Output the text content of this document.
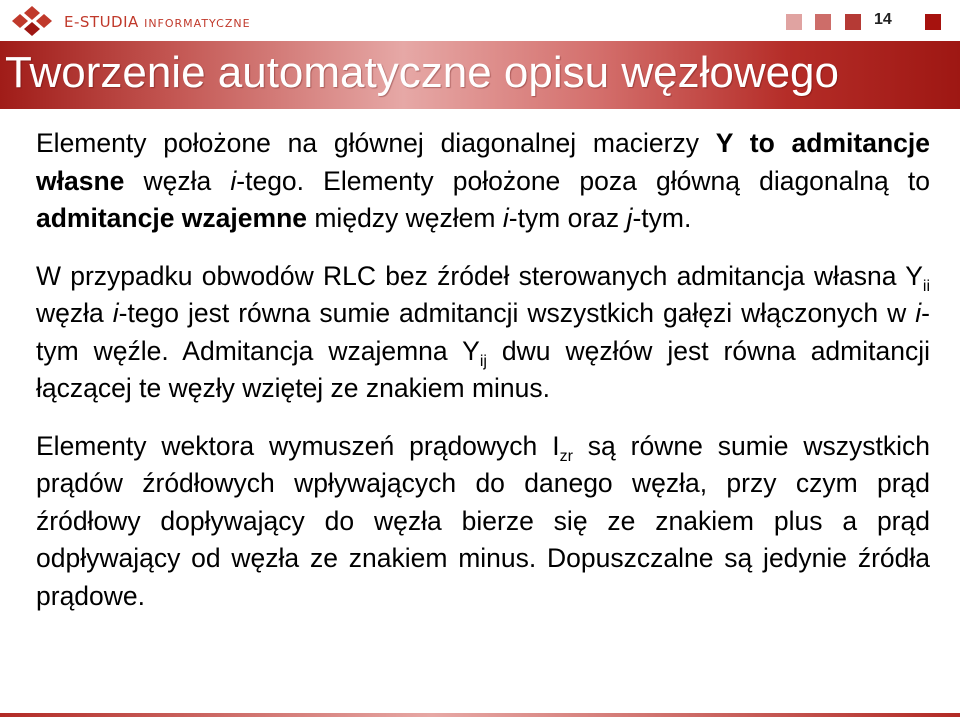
E-STUDIA INFORMATYCZNE	14
Tworzenie automatyczne opisu węzłowego

Elementy położone na głównej diagonalnej macierzy Y to admitancje własne węzła i-tego. Elementy położone poza główną diagonalną to admitancje wzajemne między węzłem i-tym oraz j-tym.

W przypadku obwodów RLC bez źródeł sterowanych admitancja własna $Y_{ii}$ węzła i-tego jest równa sumie admitancji wszystkich gałęzi włączonych w i-tym węźle. Admitancja wzajemna $Y_{ij}$ dwu węzłów jest równa admitancji łączącej te węzły wziętej ze znakiem minus.

Elementy wektora wymuszeń prądowych $I_{zr}$ są równe sumie wszystkich prądów źródłowych wpływających do danego węzła, przy czym prąd źródłowy dopływający do węzła bierze się ze znakiem plus a prąd odpływający od węzła ze znakiem minus. Dopuszczalne są jedynie źródła prądowe.
